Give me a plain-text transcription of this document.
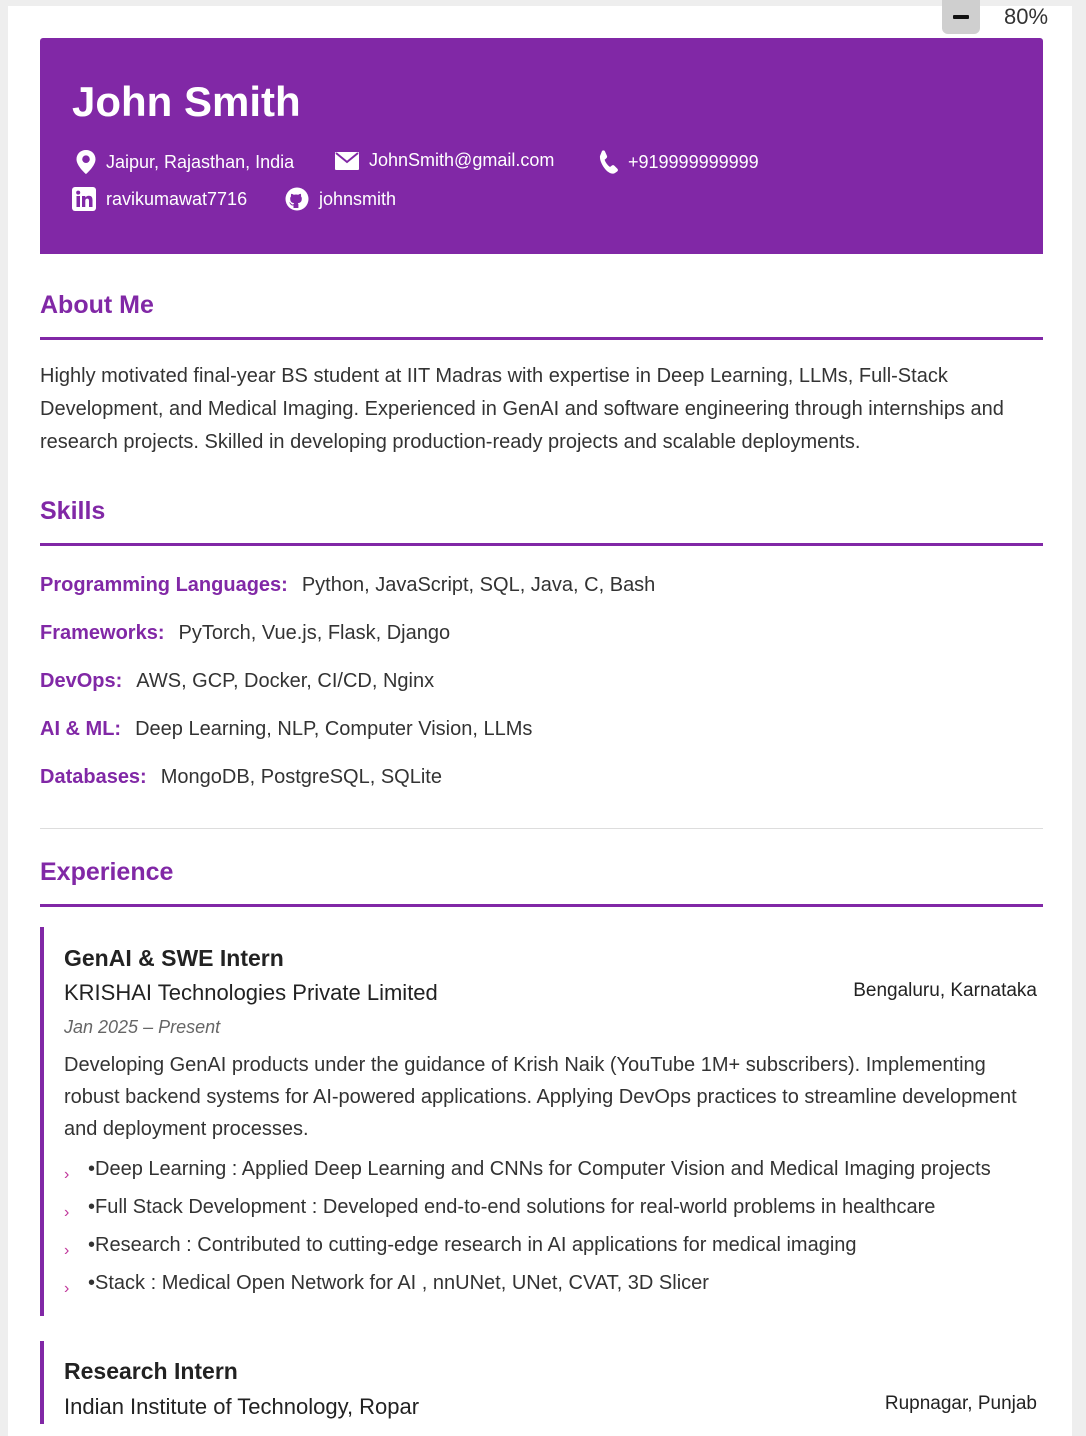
80%
John Smith
Jaipur, Rajasthan, India	JohnSmith@gmail.com	+919999999999
ravikumawat7716	johnsmith
About Me
Highly motivated final-year BS student at IIT Madras with expertise in Deep Learning, LLMs, Full-Stack Development, and Medical Imaging. Experienced in GenAI and software engineering through internships and research projects. Skilled in developing production-ready projects and scalable deployments.
Skills
Programming Languages: Python, JavaScript, SQL, Java, C, Bash
Frameworks: PyTorch, Vue.js, Flask, Django
DevOps: AWS, GCP, Docker, CI/CD, Nginx
AI & ML: Deep Learning, NLP, Computer Vision, LLMs
Databases: MongoDB, PostgreSQL, SQLite
Experience
GenAI & SWE Intern
KRISHAI Technologies Private Limited	Bengaluru, Karnataka
Jan 2025 – Present
Developing GenAI products under the guidance of Krish Naik (YouTube 1M+ subscribers). Implementing robust backend systems for AI-powered applications. Applying DevOps practices to streamline development and deployment processes.
› •Deep Learning : Applied Deep Learning and CNNs for Computer Vision and Medical Imaging projects
› •Full Stack Development : Developed end-to-end solutions for real-world problems in healthcare
› •Research : Contributed to cutting-edge research in AI applications for medical imaging
› •Stack : Medical Open Network for AI , nnUNet, UNet, CVAT, 3D Slicer
Research Intern
Indian Institute of Technology, Ropar	Rupnagar, Punjab
